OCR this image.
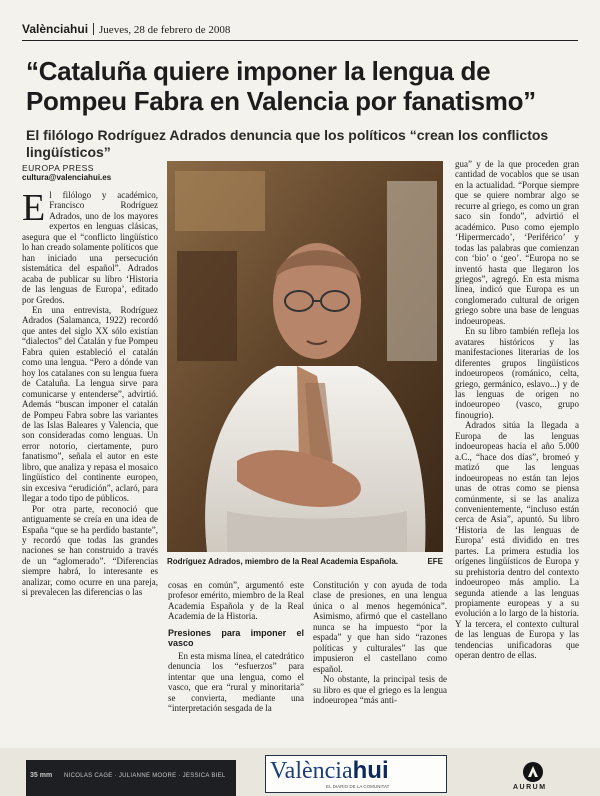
Valènciahui Jueves, 28 de febrero de 2008
“Cataluña quiere imponer la lengua de Pompeu Fabra en Valencia por fanatismo”
El filólogo Rodríguez Adrados denuncia que los políticos “crean los conflictos lingüísticos”
EUROPA PRESS
cultura@valenciahui.es

El filólogo y académico, Francisco Rodríguez Adrados, uno de los mayores expertos en lenguas clásicas, asegura que el “conflicto lingüístico lo han creado solamente políticos que han iniciado una persecución sistemática del español”. Adrados acaba de publicar su libro ‘Historia de las lenguas de Europa’, editado por Gredos.

En una entrevista, Rodríguez Adrados (Salamanca, 1922) recordó que antes del siglo XX sólo existían “dialectos” del Catalán y fue Pompeu Fabra quien estableció el catalán como una lengua. “Pero a dónde van hoy los catalanes con su lengua fuera de Cataluña. La lengua sirve para comunicarse y entenderse”, advirtió. Además “buscan imponer el catalán de Pompeu Fabra sobre las variantes de las Islas Baleares y Valencia, que son consideradas como lenguas. Un error notorio, ciertamente, puro fanatismo”, señala el autor en este libro, que analiza y repasa el mosaico lingüístico del continente europeo, sin excesiva “erudición”, aclaró, para llegar a todo tipo de públicos.

Por otra parte, reconoció que antiguamente se creía en una idea de España “que se ha perdido bastante”, y recordó que todas las grandes naciones se han construido a través de un “aglomerado”. “Diferencias siempre habrá, lo interesante es analizar, como ocurre en una pareja, si prevalecen las diferencias o las

Rodríguez Adrados, miembro de la Real Academia Española.	EFE

cosas en común”, argumentó este profesor emérito, miembro de la Real Academia Española y de la Real Academia de la Historia.

Presiones para imponer el vasco

En esta misma línea, el catedrático denuncia los “esfuerzos” para intentar que una lengua, como el vasco, que era “rural y minoritaria” se convierta, mediante una “interpretación sesgada de la

Constitución y con ayuda de toda clase de presiones, en una lengua única o al menos hegemónica”. Asimismo, afirmó que el castellano nunca se ha impuesto “por la espada” y que han sido “razones políticas y culturales” las que impusieron el castellano como español.

No obstante, la principal tesis de su libro es que el griego es la lengua indoeuropea “más anti-

gua” y de la que proceden gran cantidad de vocablos que se usan en la actualidad. “Porque siempre que se quiere nombrar algo se recurre al griego, es como un gran saco sin fondo”, advirtió el académico. Puso como ejemplo ‘Hipermercado’, ‘Periférico’ y todas las palabras que comienzan con ‘bio’ o ‘geo’. “Europa no se inventó hasta que llegaron los griegos”, agregó. En esta misma línea, indicó que Europa es un conglomerado cultural de origen griego sobre una base de lenguas indoeuropeas.

En su libro también refleja los avatares históricos y las manifestaciones literarias de los diferentes grupos lingüísticos indoeuropeos (románico, celta, griego, germánico, eslavo...) y de las lenguas de origen no indoeuropeo (vasco, grupo finougrio).

Adrados sitúa la llegada a Europa de las lenguas indoeuropeas hacia el año 5.000 a.C., “hace dos días”, bromeó y matizó que las lenguas indoeuropeas no están tan lejos unas de otras como se piensa comúnmente, si se las analiza convenientemente, “incluso están cerca de Asia”, apuntó. Su libro ‘Historia de las lenguas de Europa’ está dividido en tres partes. La primera estudia los orígenes lingüísticos de Europa y su prehistoria dentro del contexto indoeuropeo más amplio. La segunda atiende a las lenguas propiamente europeas y a su evolución a lo largo de la historia. Y la tercera, el contexto cultural de las lenguas de Europa y las tendencias unificadoras que operan dentro de ellas.

35 mm NICOLAS CAGE · JULIANNE MOORE · JESSICA BIEL Valènciahui
EL DIARIO DE LA COMUNITAT	AURUM
